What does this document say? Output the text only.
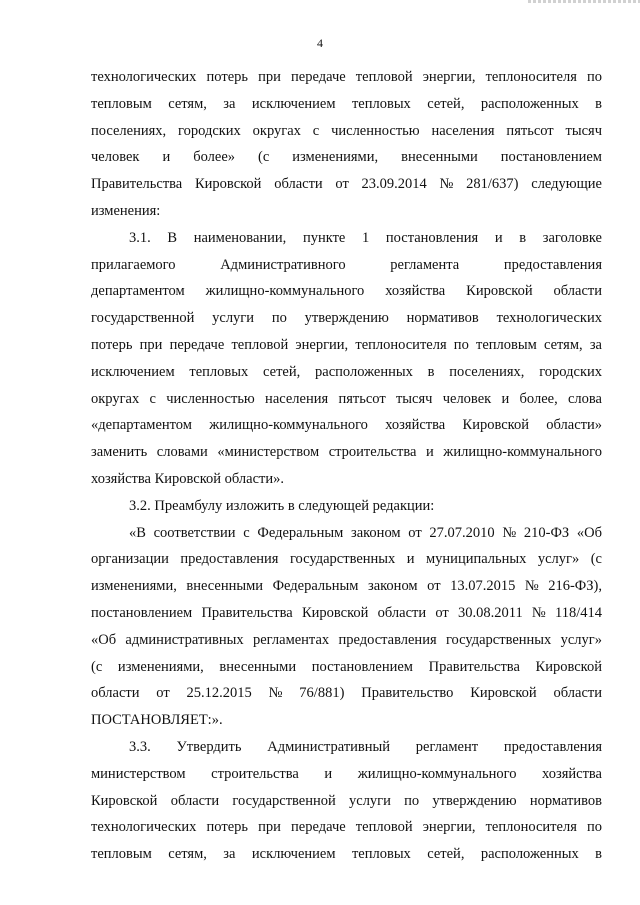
4
технологических потерь при передаче тепловой энергии, теплоносителя по
тепловым сетям, за исключением тепловых сетей, расположенных в
поселениях, городских округах с численностью населения пятьсот тысяч
человек и более» (с изменениями, внесенными постановлением
Правительства Кировской области от 23.09.2014 № 281/637) следующие
изменения:
3.1. В наименовании, пункте 1 постановления и в заголовке
прилагаемого Административного регламента предоставления
департаментом жилищно-коммунального хозяйства Кировской области
государственной услуги по утверждению нормативов технологических
потерь при передаче тепловой энергии, теплоносителя по тепловым сетям, за
исключением тепловых сетей, расположенных в поселениях, городских
округах с численностью населения пятьсот тысяч человек и более, слова
«департаментом жилищно-коммунального хозяйства Кировской области»
заменить словами «министерством строительства и жилищно-коммунального
хозяйства Кировской области».
3.2. Преамбулу изложить в следующей редакции:
«В соответствии с Федеральным законом от 27.07.2010 № 210-ФЗ «Об
организации предоставления государственных и муниципальных услуг» (с
изменениями, внесенными Федеральным законом от 13.07.2015 № 216-ФЗ),
постановлением Правительства Кировской области от 30.08.2011 № 118/414
«Об административных регламентах предоставления государственных услуг»
(с изменениями, внесенными постановлением Правительства Кировской
области от 25.12.2015 № 76/881) Правительство Кировской области
ПОСТАНОВЛЯЕТ:».
3.3. Утвердить Административный регламент предоставления
министерством строительства и жилищно-коммунального хозяйства
Кировской области государственной услуги по утверждению нормативов
технологических потерь при передаче тепловой энергии, теплоносителя по
тепловым сетям, за исключением тепловых сетей, расположенных в
